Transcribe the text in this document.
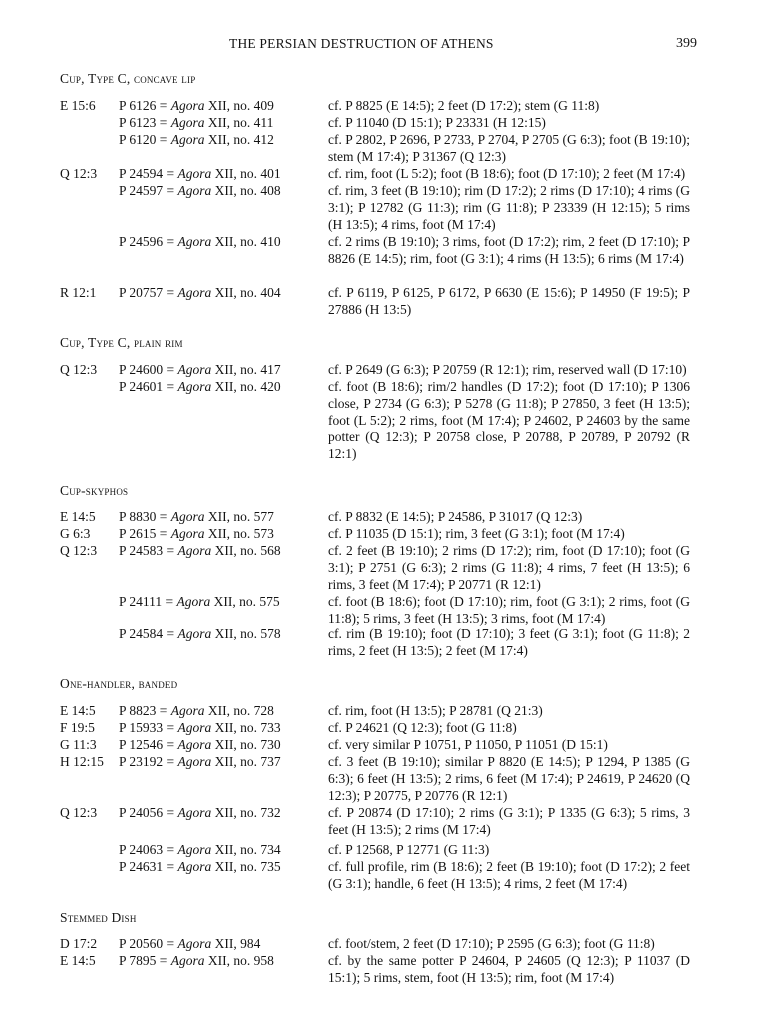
THE PERSIAN DESTRUCTION OF ATHENS	399
Cup, Type C, concave lip
E 15:6 P 6126 = Agora XII, no. 409	cf. P 8825 (E 14:5); 2 feet (D 17:2); stem (G 11:8)
P 6123 = Agora XII, no. 411	cf. P 11040 (D 15:1); P 23331 (H 12:15)
P 6120 = Agora XII, no. 412	cf. P 2802, P 2696, P 2733, P 2704, P 2705 (G 6:3); foot (B 19:10); stem (M 17:4); P 31367 (Q 12:3)
Q 12:3 P 24594 = Agora XII, no. 401	cf. rim, foot (L 5:2); foot (B 18:6); foot (D 17:10); 2 feet (M 17:4)
P 24597 = Agora XII, no. 408	cf. rim, 3 feet (B 19:10); rim (D 17:2); 2 rims (D 17:10); 4 rims (G 3:1); P 12782 (G 11:3); rim (G 11:8); P 23339 (H 12:15); 5 rims (H 13:5); 4 rims, foot (M 17:4)
P 24596 = Agora XII, no. 410	cf. 2 rims (B 19:10); 3 rims, foot (D 17:2); rim, 2 feet (D 17:10); P 8826 (E 14:5); rim, foot (G 3:1); 4 rims (H 13:5); 6 rims (M 17:4)
R 12:1 P 20757 = Agora XII, no. 404	cf. P 6119, P 6125, P 6172, P 6630 (E 15:6); P 14950 (F 19:5); P 27886 (H 13:5)
Cup, Type C, plain rim
Q 12:3 P 24600 = Agora XII, no. 417	cf. P 2649 (G 6:3); P 20759 (R 12:1); rim, reserved wall (D 17:10)
P 24601 = Agora XII, no. 420	cf. foot (B 18:6); rim/2 handles (D 17:2); foot (D 17:10); P 1306 close, P 2734 (G 6:3); P 5278 (G 11:8); P 27850, 3 feet (H 13:5); foot (L 5:2); 2 rims, foot (M 17:4); P 24602, P 24603 by the same potter (Q 12:3); P 20758 close, P 20788, P 20789, P 20792 (R 12:1)
Cup-skyphos
E 14:5 P 8830 = Agora XII, no. 577	cf. P 8832 (E 14:5); P 24586, P 31017 (Q 12:3)
G 6:3 P 2615 = Agora XII, no. 573	cf. P 11035 (D 15:1); rim, 3 feet (G 3:1); foot (M 17:4)
Q 12:3 P 24583 = Agora XII, no. 568	cf. 2 feet (B 19:10); 2 rims (D 17:2); rim, foot (D 17:10); foot (G 3:1); P 2751 (G 6:3); 2 rims (G 11:8); 4 rims, 7 feet (H 13:5); 6 rims, 3 feet (M 17:4); P 20771 (R 12:1)
P 24111 = Agora XII, no. 575	cf. foot (B 18:6); foot (D 17:10); rim, foot (G 3:1); 2 rims, foot (G 11:8); 5 rims, 3 feet (H 13:5); 3 rims, foot (M 17:4)
P 24584 = Agora XII, no. 578	cf. rim (B 19:10); foot (D 17:10); 3 feet (G 3:1); foot (G 11:8); 2 rims, 2 feet (H 13:5); 2 feet (M 17:4)
One-handler, banded
E 14:5 P 8823 = Agora XII, no. 728	cf. rim, foot (H 13:5); P 28781 (Q 21:3)
F 19:5 P 15933 = Agora XII, no. 733	cf. P 24621 (Q 12:3); foot (G 11:8)
G 11:3 P 12546 = Agora XII, no. 730	cf. very similar P 10751, P 11050, P 11051 (D 15:1)
H 12:15 P 23192 = Agora XII, no. 737	cf. 3 feet (B 19:10); similar P 8820 (E 14:5); P 1294, P 1385 (G 6:3); 6 feet (H 13:5); 2 rims, 6 feet (M 17:4); P 24619, P 24620 (Q 12:3); P 20775, P 20776 (R 12:1)
Q 12:3 P 24056 = Agora XII, no. 732	cf. P 20874 (D 17:10); 2 rims (G 3:1); P 1335 (G 6:3); 5 rims, 3 feet (H 13:5); 2 rims (M 17:4)
P 24063 = Agora XII, no. 734	cf. P 12568, P 12771 (G 11:3)
P 24631 = Agora XII, no. 735	cf. full profile, rim (B 18:6); 2 feet (B 19:10); foot (D 17:2); 2 feet (G 3:1); handle, 6 feet (H 13:5); 4 rims, 2 feet (M 17:4)
Stemmed Dish
D 17:2 P 20560 = Agora XII, 984	cf. foot/stem, 2 feet (D 17:10); P 2595 (G 6:3); foot (G 11:8)
E 14:5 P 7895 = Agora XII, no. 958	cf. by the same potter P 24604, P 24605 (Q 12:3); P 11037 (D 15:1); 5 rims, stem, foot (H 13:5); rim, foot (M 17:4)
